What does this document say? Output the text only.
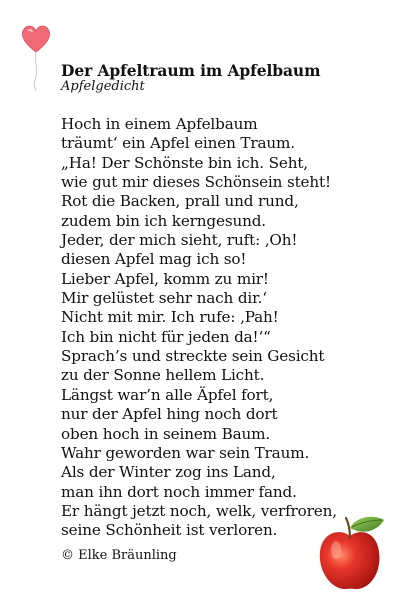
Der Apfeltraum im Apfelbaum
Apfelgedicht
Hoch in einem Apfelbaum
träumt‘ ein Apfel einen Traum.
„Ha! Der Schönste bin ich. Seht,
wie gut mir dieses Schönsein steht!
Rot die Backen, prall und rund,
zudem bin ich kerngesund.
Jeder, der mich sieht, ruft: ‚Oh!
diesen Apfel mag ich so!
Lieber Apfel, komm zu mir!
Mir gelüstet sehr nach dir.‘
Nicht mit mir. Ich rufe: ‚Pah!
Ich bin nicht für jeden da!‘“
Sprach’s und streckte sein Gesicht
zu der Sonne hellem Licht.
Längst war’n alle Äpfel fort,
nur der Apfel hing noch dort
oben hoch in seinem Baum.
Wahr geworden war sein Traum.
Als der Winter zog ins Land,
man ihn dort noch immer fand.
Er hängt jetzt noch, welk, verfroren,
seine Schönheit ist verloren.
© Elke Bräunling
